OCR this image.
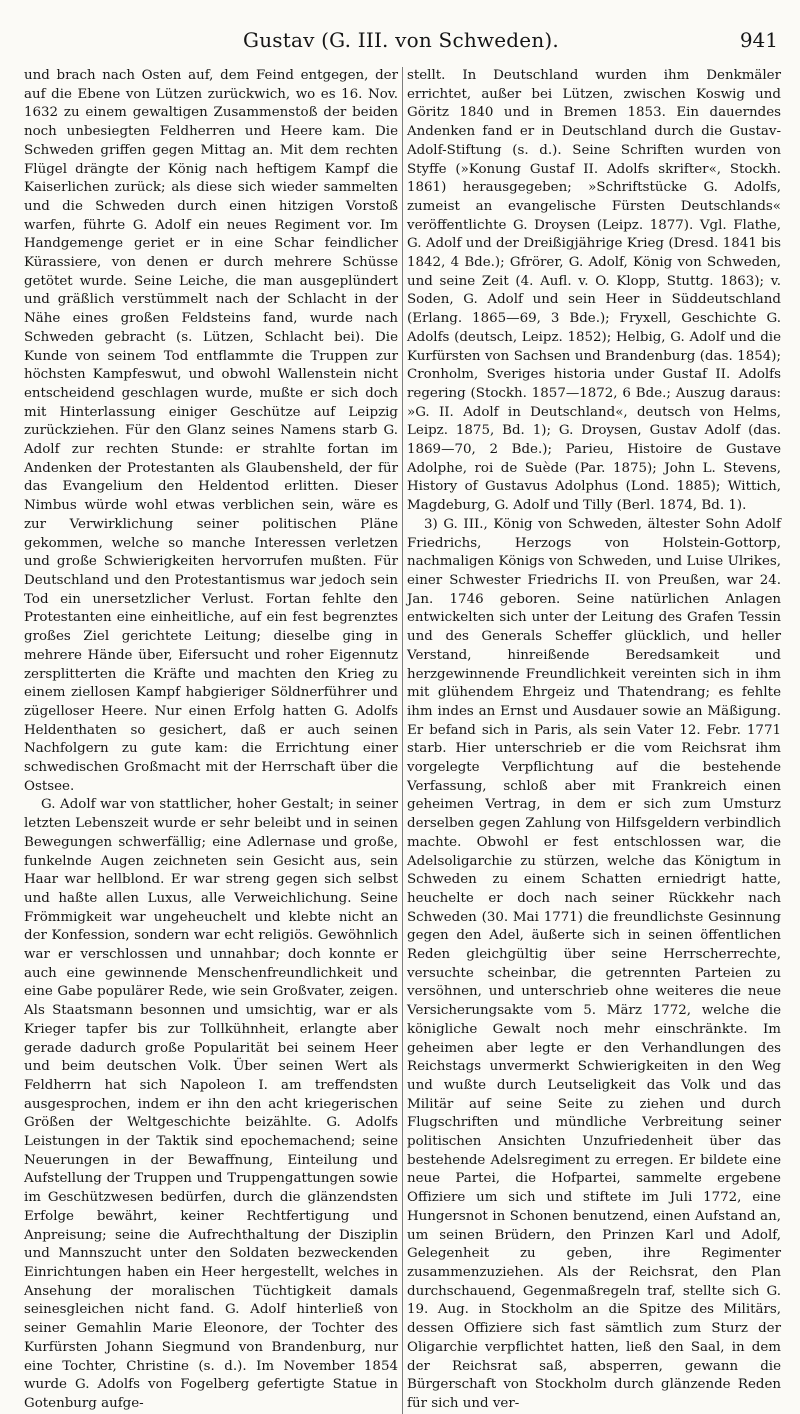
Gustav (G. III. von Schweden).	941

und brach nach Osten auf, dem Feind entgegen, der auf die Ebene von Lützen zurückwich, wo es 16. Nov. 1632 zu einem gewaltigen Zusammenstoß der beiden noch unbesiegten Feldherren und Heere kam. Die Schweden griffen gegen Mittag an. Mit dem rechten Flügel drängte der König nach heftigem Kampf die Kaiserlichen zurück; als diese sich wieder sammelten und die Schweden durch einen hitzigen Vorstoß warfen, führte G. Adolf ein neues Regiment vor. Im Handgemenge geriet er in eine Schar feindlicher Kürassiere, von denen er durch mehrere Schüsse getötet wurde. Seine Leiche, die man ausgeplündert und gräßlich verstümmelt nach der Schlacht in der Nähe eines großen Feldsteins fand, wurde nach Schweden gebracht (s. Lützen, Schlacht bei). Die Kunde von seinem Tod entflammte die Truppen zur höchsten Kampfeswut, und obwohl Wallenstein nicht entscheidend geschlagen wurde, mußte er sich doch mit Hinterlassung einiger Geschütze auf Leipzig zurückziehen. Für den Glanz seines Namens starb G. Adolf zur rechten Stunde: er strahlte fortan im Andenken der Protestanten als Glaubensheld, der für das Evangelium den Heldentod erlitten. Dieser Nimbus würde wohl etwas verblichen sein, wäre es zur Verwirklichung seiner politischen Pläne gekommen, welche so manche Interessen verletzen und große Schwierigkeiten hervorrufen mußten. Für Deutschland und den Protestantismus war jedoch sein Tod ein unersetzlicher Verlust. Fortan fehlte den Protestanten eine einheitliche, auf ein fest begrenztes großes Ziel gerichtete Leitung; dieselbe ging in mehrere Hände über, Eifersucht und roher Eigennutz zersplitterten die Kräfte und machten den Krieg zu einem ziellosen Kampf habgieriger Söldnerführer und zügelloser Heere. Nur einen Erfolg hatten G. Adolfs Heldenthaten so gesichert, daß er auch seinen Nachfolgern zu gute kam: die Errichtung einer schwedischen Großmacht mit der Herrschaft über die Ostsee.

G. Adolf war von stattlicher, hoher Gestalt; in seiner letzten Lebenszeit wurde er sehr beleibt und in seinen Bewegungen schwerfällig; eine Adlernase und große, funkelnde Augen zeichneten sein Gesicht aus, sein Haar war hellblond. Er war streng gegen sich selbst und haßte allen Luxus, alle Verweichlichung. Seine Frömmigkeit war ungeheuchelt und klebte nicht an der Konfession, sondern war echt religiös. Gewöhnlich war er verschlossen und unnahbar; doch konnte er auch eine gewinnende Menschenfreundlichkeit und eine Gabe populärer Rede, wie sein Großvater, zeigen. Als Staatsmann besonnen und umsichtig, war er als Krieger tapfer bis zur Tollkühnheit, erlangte aber gerade dadurch große Popularität bei seinem Heer und beim deutschen Volk. Über seinen Wert als Feldherrn hat sich Napoleon I. am treffendsten ausgesprochen, indem er ihn den acht kriegerischen Größen der Weltgeschichte beizählte. G. Adolfs Leistungen in der Taktik sind epochemachend; seine Neuerungen in der Bewaffnung, Einteilung und Aufstellung der Truppen und Truppengattungen sowie im Geschützwesen bedürfen, durch die glänzendsten Erfolge bewährt, keiner Rechtfertigung und Anpreisung; seine die Aufrechthaltung der Disziplin und Mannszucht unter den Soldaten bezweckenden Einrichtungen haben ein Heer hergestellt, welches in Ansehung der moralischen Tüchtigkeit damals seinesgleichen nicht fand. G. Adolf hinterließ von seiner Gemahlin Marie Eleonore, der Tochter des Kurfürsten Johann Siegmund von Brandenburg, nur eine Tochter, Christine (s. d.). Im November 1854 wurde G. Adolfs von Fogelberg gefertigte Statue in Gotenburg aufge-

stellt. In Deutschland wurden ihm Denkmäler errichtet, außer bei Lützen, zwischen Koswig und Göritz 1840 und in Bremen 1853. Ein dauerndes Andenken fand er in Deutschland durch die Gustav-Adolf-Stiftung (s. d.). Seine Schriften wurden von Styffe (»Konung Gustaf II. Adolfs skrifter«, Stockh. 1861) herausgegeben; »Schriftstücke G. Adolfs, zumeist an evangelische Fürsten Deutschlands« veröffentlichte G. Droysen (Leipz. 1877). Vgl. Flathe, G. Adolf und der Dreißigjährige Krieg (Dresd. 1841 bis 1842, 4 Bde.); Gfrörer, G. Adolf, König von Schweden, und seine Zeit (4. Aufl. v. O. Klopp, Stuttg. 1863); v. Soden, G. Adolf und sein Heer in Süddeutschland (Erlang. 1865—69, 3 Bde.); Fryxell, Geschichte G. Adolfs (deutsch, Leipz. 1852); Helbig, G. Adolf und die Kurfürsten von Sachsen und Brandenburg (das. 1854); Cronholm, Sveriges historia under Gustaf II. Adolfs regering (Stockh. 1857—1872, 6 Bde.; Auszug daraus: »G. II. Adolf in Deutschland«, deutsch von Helms, Leipz. 1875, Bd. 1); G. Droysen, Gustav Adolf (das. 1869—70, 2 Bde.); Parieu, Histoire de Gustave Adolphe, roi de Suède (Par. 1875); John L. Stevens, History of Gustavus Adolphus (Lond. 1885); Wittich, Magdeburg, G. Adolf und Tilly (Berl. 1874, Bd. 1).

3) G. III., König von Schweden, ältester Sohn Adolf Friedrichs, Herzogs von Holstein-Gottorp, nachmaligen Königs von Schweden, und Luise Ulrikes, einer Schwester Friedrichs II. von Preußen, war 24. Jan. 1746 geboren. Seine natürlichen Anlagen entwickelten sich unter der Leitung des Grafen Tessin und des Generals Scheffer glücklich, und heller Verstand, hinreißende Beredsamkeit und herzgewinnende Freundlichkeit vereinten sich in ihm mit glühendem Ehrgeiz und Thatendrang; es fehlte ihm indes an Ernst und Ausdauer sowie an Mäßigung. Er befand sich in Paris, als sein Vater 12. Febr. 1771 starb. Hier unterschrieb er die vom Reichsrat ihm vorgelegte Verpflichtung auf die bestehende Verfassung, schloß aber mit Frankreich einen geheimen Vertrag, in dem er sich zum Umsturz derselben gegen Zahlung von Hilfsgeldern verbindlich machte. Obwohl er fest entschlossen war, die Adelsoligarchie zu stürzen, welche das Königtum in Schweden zu einem Schatten erniedrigt hatte, heuchelte er doch nach seiner Rückkehr nach Schweden (30. Mai 1771) die freundlichste Gesinnung gegen den Adel, äußerte sich in seinen öffentlichen Reden gleichgültig über seine Herrscherrechte, versuchte scheinbar, die getrennten Parteien zu versöhnen, und unterschrieb ohne weiteres die neue Versicherungsakte vom 5. März 1772, welche die königliche Gewalt noch mehr einschränkte. Im geheimen aber legte er den Verhandlungen des Reichstags unvermerkt Schwierigkeiten in den Weg und wußte durch Leutseligkeit das Volk und das Militär auf seine Seite zu ziehen und durch Flugschriften und mündliche Verbreitung seiner politischen Ansichten Unzufriedenheit über das bestehende Adelsregiment zu erregen. Er bildete eine neue Partei, die Hofpartei, sammelte ergebene Offiziere um sich und stiftete im Juli 1772, eine Hungersnot in Schonen benutzend, einen Aufstand an, um seinen Brüdern, den Prinzen Karl und Adolf, Gelegenheit zu geben, ihre Regimenter zusammenzuziehen. Als der Reichsrat, den Plan durchschauend, Gegenmaßregeln traf, stellte sich G. 19. Aug. in Stockholm an die Spitze des Militärs, dessen Offiziere sich fast sämtlich zum Sturz der Oligarchie verpflichtet hatten, ließ den Saal, in dem der Reichsrat saß, absperren, gewann die Bürgerschaft von Stockholm durch glänzende Reden für sich und ver-
